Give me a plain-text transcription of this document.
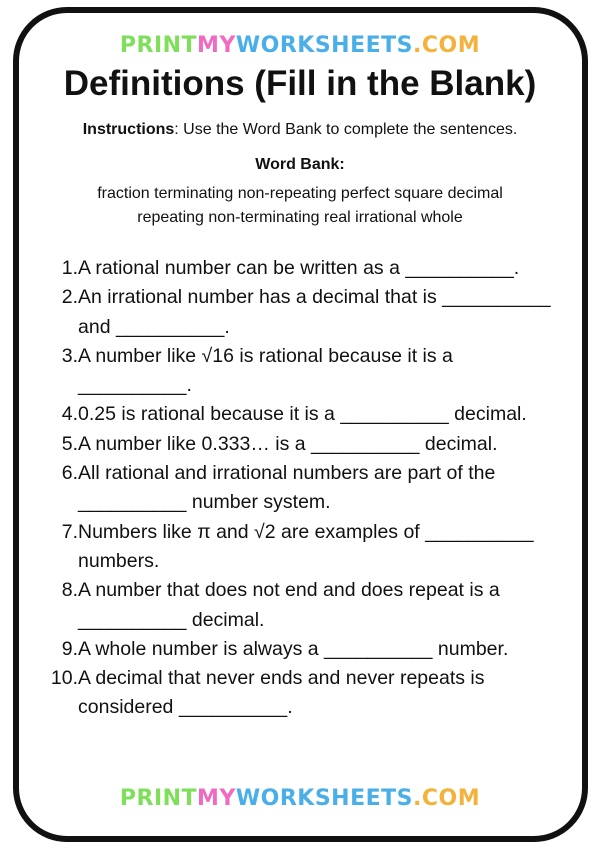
PRINTMYWORKSHEETS.COM
Definitions (Fill in the Blank)
Instructions: Use the Word Bank to complete the sentences.
Word Bank:
fraction terminating non-repeating perfect square decimal
repeating non-terminating real irrational whole
1. A rational number can be written as a __________.
2. An irrational number has a decimal that is __________ and __________.
3. A number like √16 is rational because it is a __________.
4. 0.25 is rational because it is a __________ decimal.
5. A number like 0.333… is a __________ decimal.
6. All rational and irrational numbers are part of the __________ number system.
7. Numbers like π and √2 are examples of __________ numbers.
8. A number that does not end and does repeat is a __________ decimal.
9. A whole number is always a __________ number.
10. A decimal that never ends and never repeats is considered __________.
PRINTMYWORKSHEETS.COM
